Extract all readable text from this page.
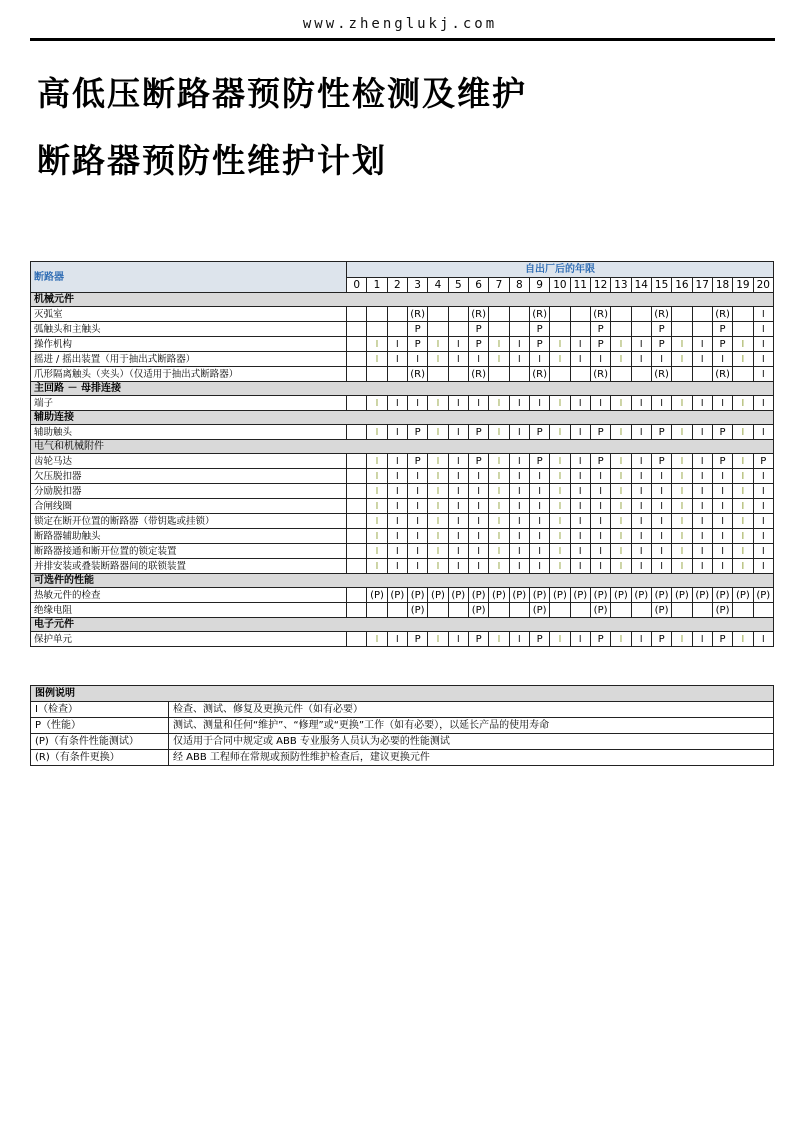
www.zhenglukj.com
高低压断路器预防性检测及维护
断路器预防性维护计划
断路器	自出厂后的年限																				
	0	1	2	3	4	5	6	7	8	9	10	11	12	13	14	15	16	17	18	19	20
机械元件																					
灭弧室				(R)			(R)			(R)			(R)			(R)			(R)		I
弧触头和主触头				P			P			P			P			P			P		I
操作机构		I	I	P	I	I	P	I	I	P	I	I	P	I	I	P	I	I	P	I	I
摇进 / 摇出装置（用于抽出式断路器）		I	I	I	I	I	I	I	I	I	I	I	I	I	I	I	I	I	I	I	I
爪形隔离触头（夹头）（仅适用于抽出式断路器）				(R)			(R)			(R)			(R)			(R)			(R)		I
主回路 － 母排连接																					
端子		I	I	I	I	I	I	I	I	I	I	I	I	I	I	I	I	I	I	I	I
辅助连接																					
辅助触头		I	I	P	I	I	P	I	I	P	I	I	P	I	I	P	I	I	P	I	I
电气和机械附件																					
齿轮马达		I	I	P	I	I	P	I	I	P	I	I	P	I	I	P	I	I	P	I	P
欠压脱扣器		I	I	I	I	I	I	I	I	I	I	I	I	I	I	I	I	I	I	I	I
分励脱扣器		I	I	I	I	I	I	I	I	I	I	I	I	I	I	I	I	I	I	I	I
合闸线圈		I	I	I	I	I	I	I	I	I	I	I	I	I	I	I	I	I	I	I	I
锁定在断开位置的断路器（带钥匙或挂锁）		I	I	I	I	I	I	I	I	I	I	I	I	I	I	I	I	I	I	I	I
断路器辅助触头		I	I	I	I	I	I	I	I	I	I	I	I	I	I	I	I	I	I	I	I
断路器接通和断开位置的锁定装置		I	I	I	I	I	I	I	I	I	I	I	I	I	I	I	I	I	I	I	I
并排安装或叠装断路器间的联锁装置		I	I	I	I	I	I	I	I	I	I	I	I	I	I	I	I	I	I	I	I
可选件的性能																					
热敏元件的检查		(P)	(P)	(P)	(P)	(P)	(P)	(P)	(P)	(P)	(P)	(P)	(P)	(P)	(P)	(P)	(P)	(P)	(P)	(P)	(P)
绝缘电阻				(P)			(P)			(P)			(P)			(P)			(P)		
电子元件																					
保护单元		I	I	P	I	I	P	I	I	P	I	I	P	I	I	P	I	I	P	I	I
图例说明	
I（检查）	检查、测试、修复及更换元件（如有必要）
P（性能）	测试、测量和任何“维护”、“修理”或“更换”工作（如有必要），以延长产品的使用寿命
(P)（有条件性能测试）	仅适用于合同中规定或 ABB 专业服务人员认为必要的性能测试
(R)（有条件更换）	经 ABB 工程师在常规或预防性维护检查后，建议更换元件
